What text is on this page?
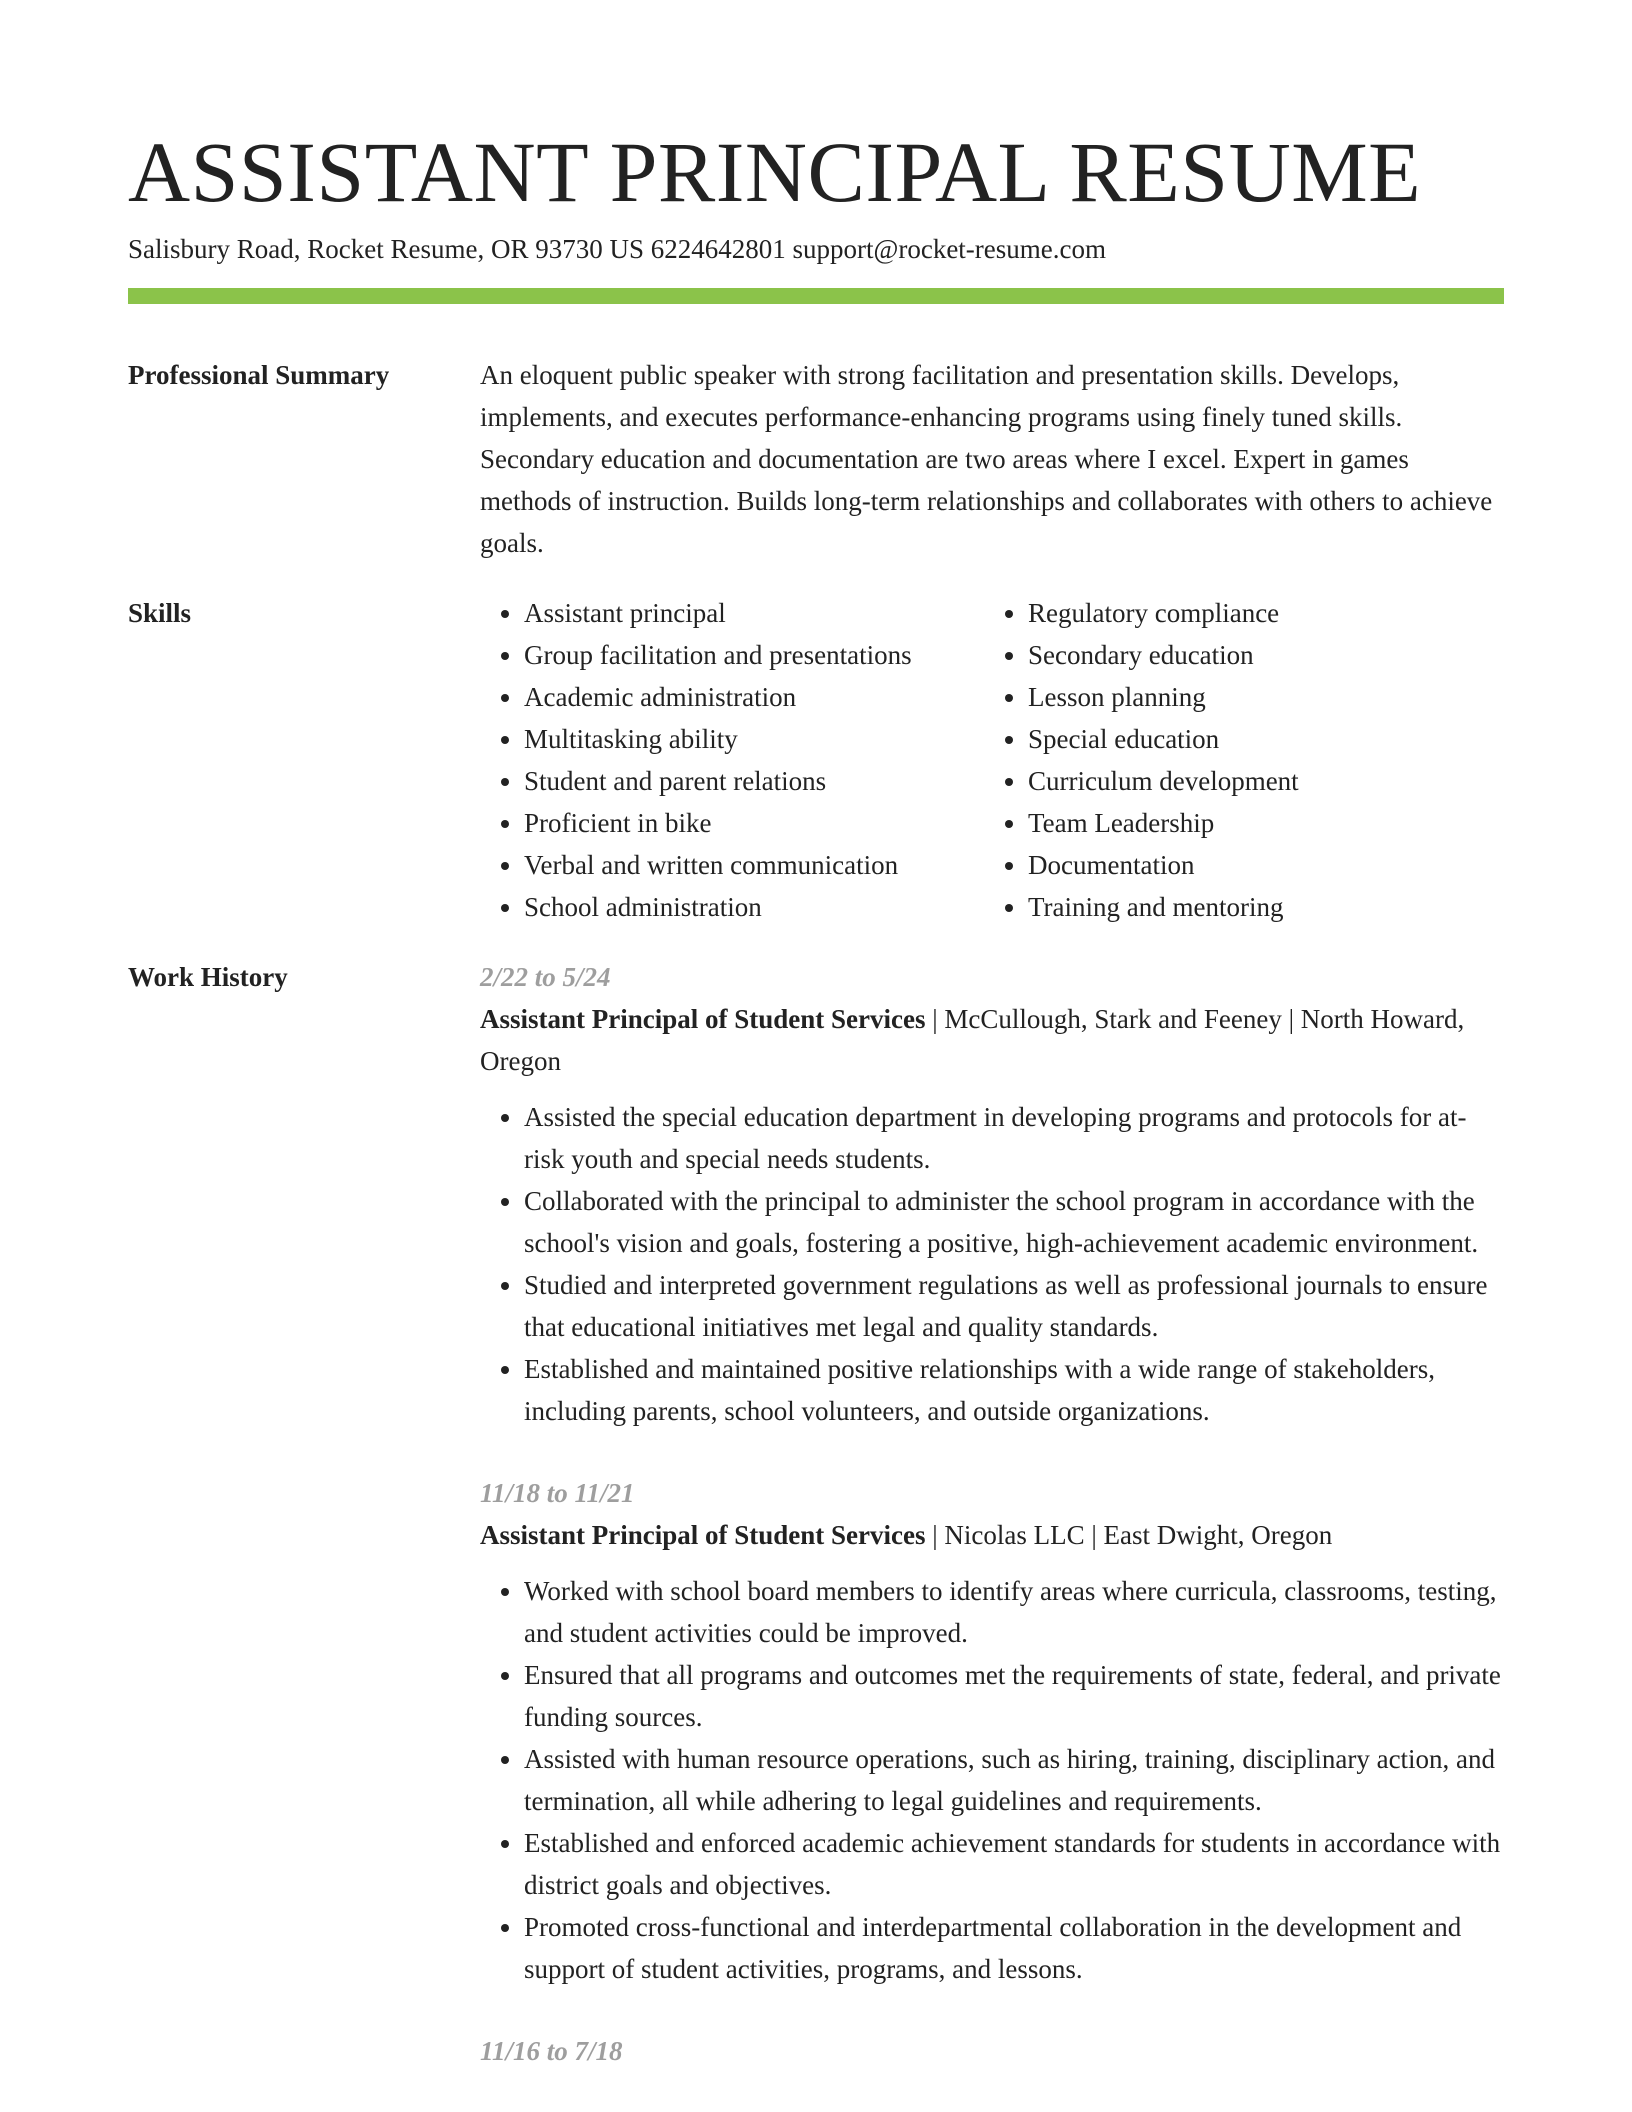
ASSISTANT PRINCIPAL RESUME
Salisbury Road, Rocket Resume, OR 93730 US 6224642801 support@rocket-resume.com
Professional Summary	An eloquent public speaker with strong facilitation and presentation skills. Develops, implements, and executes performance-enhancing programs using finely tuned skills. Secondary education and documentation are two areas where I excel. Expert in games methods of instruction. Builds long-term relationships and collaborates with others to achieve goals.

Skills
•	Assistant principal
• Group facilitation and presentations
• Academic administration
• Multitasking ability
• Student and parent relations
• Proficient in bike
• Verbal and written communication
• School administration
• Regulatory compliance
• Secondary education
• Lesson planning
• Special education
• Curriculum development
• Team Leadership
• Documentation
• Training and mentoring
Work History	2/22 to 5/24
Assistant Principal of Student Services | McCullough, Stark and Feeney | North Howard, Oregon
• Assisted the special education department in developing programs and protocols for at-risk youth and special needs students.
• Collaborated with the principal to administer the school program in accordance with the school's vision and goals, fostering a positive, high-achievement academic environment.
• Studied and interpreted government regulations as well as professional journals to ensure that educational initiatives met legal and quality standards.
• Established and maintained positive relationships with a wide range of stakeholders, including parents, school volunteers, and outside organizations.
11/18 to 11/21
Assistant Principal of Student Services | Nicolas LLC | East Dwight, Oregon
• Worked with school board members to identify areas where curricula, classrooms, testing, and student activities could be improved.
• Ensured that all programs and outcomes met the requirements of state, federal, and private funding sources.
• Assisted with human resource operations, such as hiring, training, disciplinary action, and termination, all while adhering to legal guidelines and requirements.
• Established and enforced academic achievement standards for students in accordance with district goals and objectives.
• Promoted cross-functional and interdepartmental collaboration in the development and support of student activities, programs, and lessons.
11/16 to 7/18
